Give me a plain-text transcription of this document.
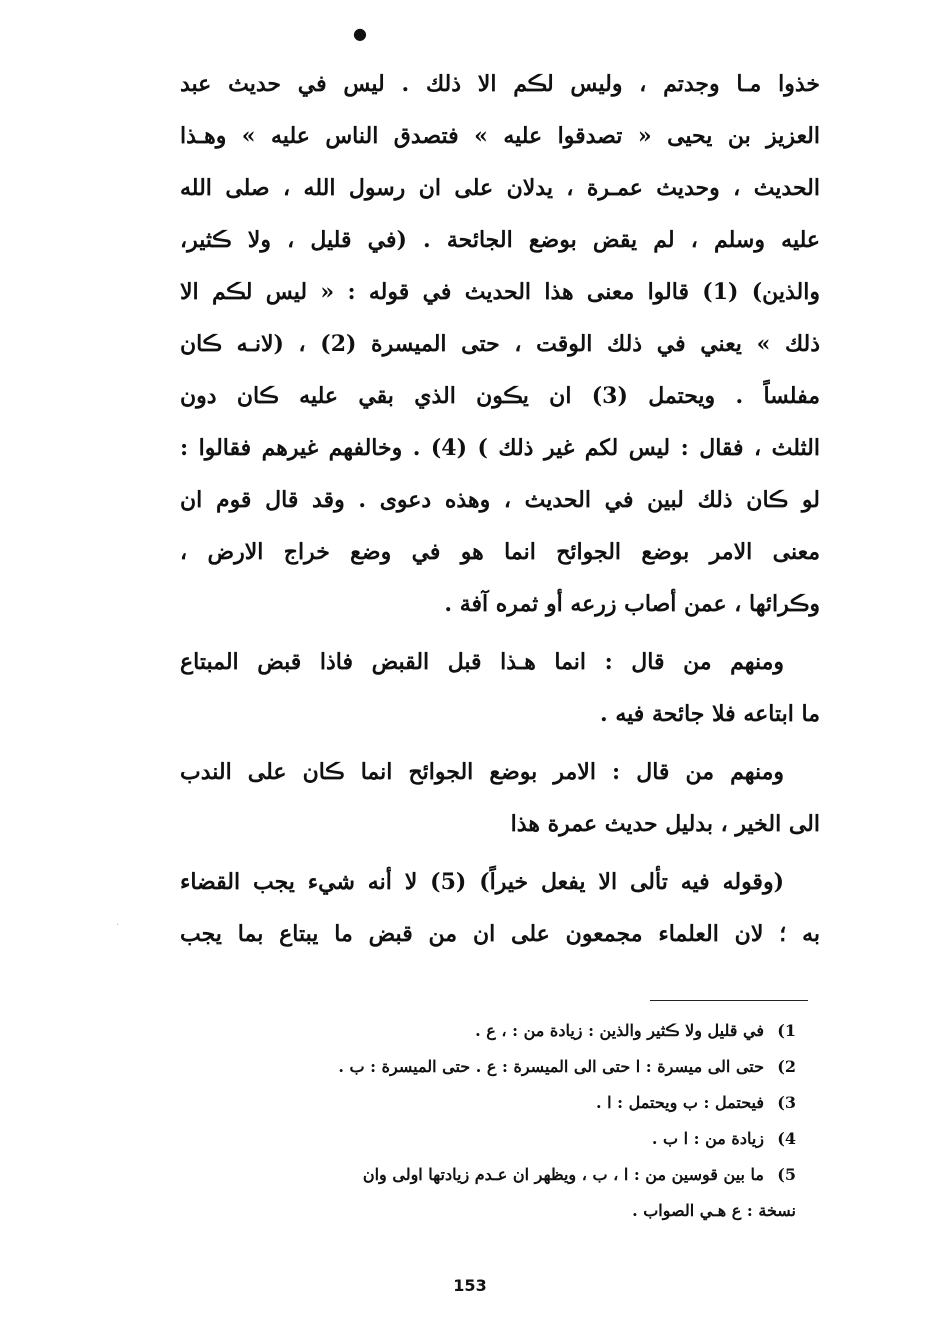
●
خذوا مـا وجدتم ، وليس لڪم الا ذلك . ليس في حديث عبد
العزيز بن يحيى « تصدقوا عليه » فتصدق الناس عليه » وهـذا
الحديث ، وحديث عمـرة ، يدلان على ان رسول الله ، صلى الله
عليه وسلم ، لم يقض بوضع الجائحة . (في قليل ، ولا ڪثير،
والذين) (1) قالوا معنى هذا الحديث في قوله : « ليس لڪم الا
ذلك » يعني في ذلك الوقت ، حتى الميسرة (2) ، (لانـه ڪان
مفلساً . ويحتمل (3) ان يڪون الذي بقي عليه ڪان دون
الثلث ، فقال : ليس لكم غير ذلك ) (4) . وخالفهم غيرهم فقالوا :
لو ڪان ذلك لبين في الحديث ، وهذه دعوى . وقد قال قوم ان
معنى الامر بوضع الجوائح انما هو في وضع خراج الارض ،
وڪرائها ، عمن أصاب زرعه أو ثمره آفة .
ومنهم من قال : انما هـذا قبل القبض فاذا قبض المبتاع
ما ابتاعه فلا جائحة فيه .
ومنهم من قال : الامر بوضع الجوائح انما ڪان على الندب
الى الخير ، بدليل حديث عمرة هذا
(وقوله فيه تألى الا يفعل خيراً) (5) لا أنه شيء يجب القضاء
به ؛ لان العلماء مجمعون على ان من قبض ما يبتاع بما يجب
·
1)
في قليل ولا ڪثير والذين : زيادة من : ، ع .
2)
حتى الى ميسرة : ا حتى الى الميسرة : ع . حتى الميسرة : ب .
3)
فيحتمل : ب ويحتمل : ا .
4)
زيادة من : ا ب .
5)
ما بين قوسين من : ا ، ب ، ويظهر ان عـدم زيادتها اولى وان
نسخة : ع هـي الصواب .
153
